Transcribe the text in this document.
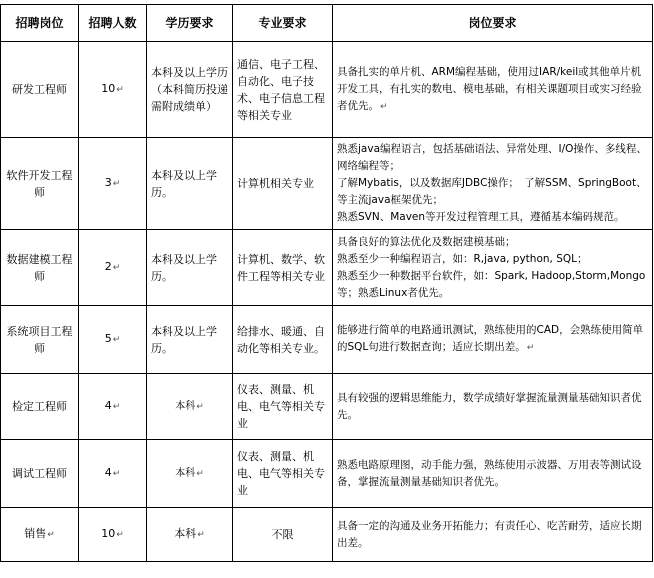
招聘岗位	招聘人数	学历要求	专业要求	岗位要求
研发工程师	10↵	本科及以上学历（本科简历投递需附成绩单）	通信、电子工程、自动化、电子技术、电子信息工程等相关专业	具备扎实的单片机、ARM编程基础，使用过IAR/keil或其他单片机开发工具，有扎实的数电、模电基础，有相关课题项目或实习经验者优先。↵
软件开发工程师	3↵	本科及以上学历。	计算机相关专业	熟悉java编程语言，包括基础语法、异常处理、I/O操作、多线程、网络编程等；
了解Mybatis，以及数据库JDBC操作；　了解SSM、SpringBoot、等主流java框架优先；
熟悉SVN、Maven等开发过程管理工具，遵循基本编码规范。

数据建模工程师	2↵	本科及以上学历。	计算机、数学、软件工程等相关专业	具备良好的算法优化及数据建模基础；
熟悉至少一种编程语言，如：R,java, python, SQL；
熟悉至少一种数据平台软件，如：Spark, Hadoop,Storm,Mongo等；熟悉Linux者优先。

系统项目工程师	5↵	本科及以上学历。	给排水、暖通、自动化等相关专业。	能够进行简单的电路通讯测试，熟练使用的CAD，会熟练使用简单的SQL句进行数据查询；适应长期出差。↵
检定工程师	4↵	本科↵	仪表、测量、机电、电气等相关专业	具有较强的逻辑思维能力，数学成绩好掌握流量测量基础知识者优先。
调试工程师	4↵	本科↵	仪表、测量、机电、电气等相关专业	熟悉电路原理图，动手能力强，熟练使用示波器、万用表等测试设备，掌握流量测量基础知识者优先。
销售↵	10↵	本科↵	不限	具备一定的沟通及业务开拓能力；有责任心、吃苦耐劳，适应长期出差。
